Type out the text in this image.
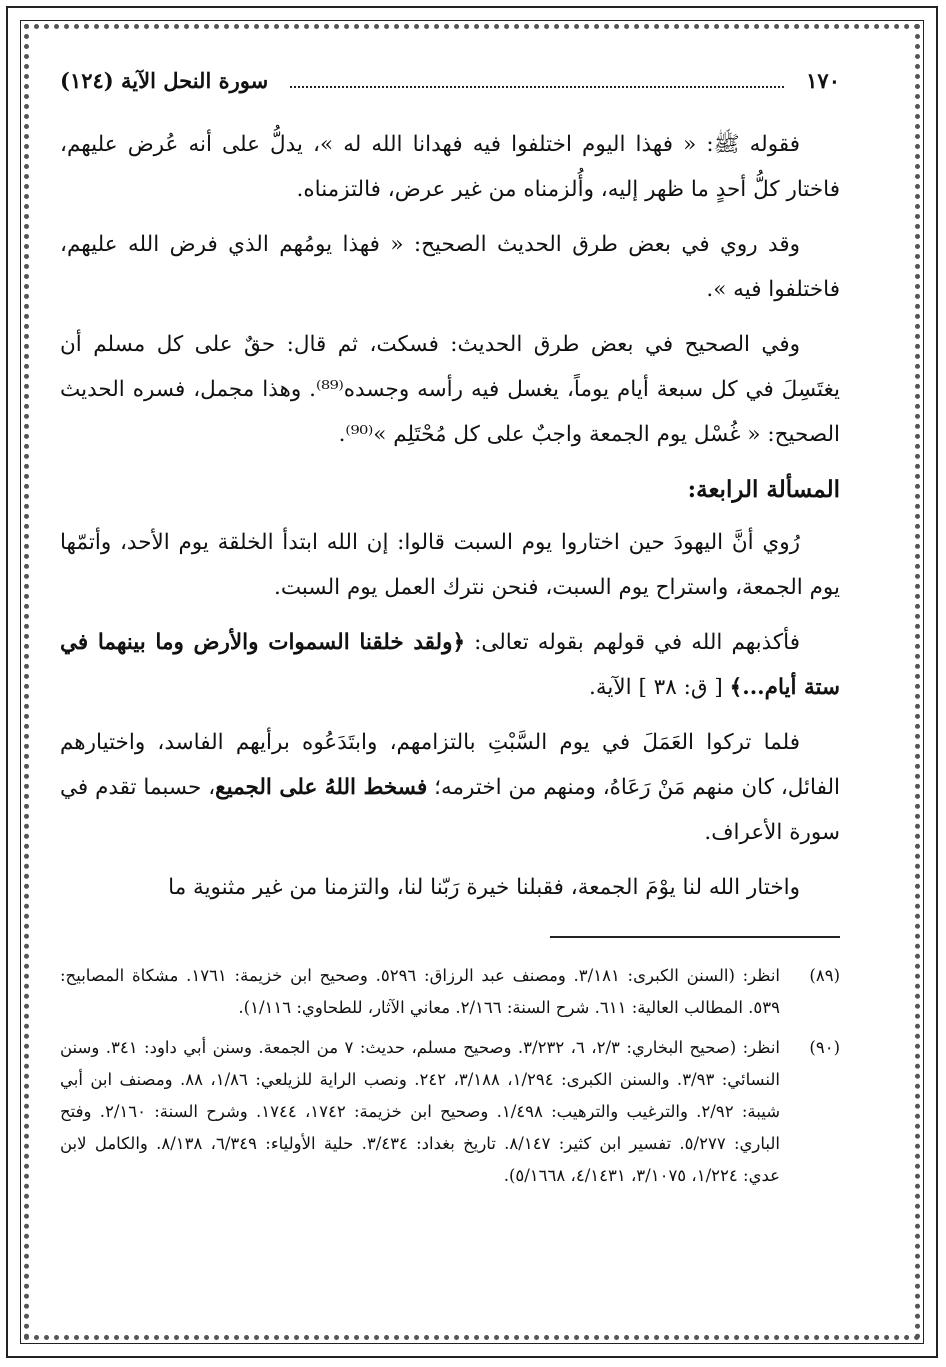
١٧٠
سورة النحل الآية (١٢٤)

فقوله ﷺ: « فهذا اليوم اختلفوا فيه فهدانا الله له »، يدلُّ على أنه عُرض عليهم، فاختار كلُّ أحدٍ ما ظهر إليه، وأُلزمناه من غير عرض، فالتزمناه.

وقد روي في بعض طرق الحديث الصحيح: « فهذا يومُهم الذي فرض الله عليهم، فاختلفوا فيه ».

وفي الصحيح في بعض طرق الحديث: فسكت، ثم قال: حقٌ على كل مسلم أن يغتَسِلَ في كل سبعة أيام يوماً، يغسل فيه رأسه وجسده⁽⁸⁹⁾. وهذا مجمل، فسره الحديث الصحيح: « غُسْل يوم الجمعة واجبٌ على كل مُحْتَلِم »⁽⁹⁰⁾.

المسألة الرابعة:

رُوي أنَّ اليهودَ حين اختاروا يوم السبت قالوا: إن الله ابتدأ الخلقة يوم الأحد، وأتمّها يوم الجمعة، واستراح يوم السبت، فنحن نترك العمل يوم السبت.

فأكذبهم الله في قولهم بقوله تعالى: ﴿ولقد خلقنا السموات والأرض وما بينهما في ستة أيام...﴾ [ ق: ٣٨ ] الآية.

فلما تركوا العَمَلَ في يوم السَّبْتِ بالتزامهم، وابتَدَعُوه برأيهم الفاسد، واختيارهم الفائل، كان منهم مَنْ رَعَاهُ، ومنهم من اخترمه؛ فسخط اللهُ على الجميع، حسبما تقدم في سورة الأعراف.

واختار الله لنا يوْمَ الجمعة، فقبلنا خيرة رَبّنا لنا، والتزمنا من غير مثنوية ما

(٨٩)
انظر: (السنن الكبرى: ٣/١٨١. ومصنف عبد الرزاق: ٥٢٩٦. وصحيح ابن خزيمة: ١٧٦١. مشكاة المصابيح: ٥٣٩. المطالب العالية: ٦١١. شرح السنة: ٢/١٦٦. معاني الآثار، للطحاوي: ١/١١٦).
(٩٠)
انظر: (صحيح البخاري: ٢/٣، ٦، ٣/٢٣٢. وصحيح مسلم، حديث: ٧ من الجمعة. وسنن أبي داود: ٣٤١. وسنن النسائي: ٣/٩٣. والسنن الكبرى: ١/٢٩٤، ٣/١٨٨، ٢٤٢. ونصب الراية للزيلعي: ١/٨٦، ٨٨. ومصنف ابن أبي شيبة: ٢/٩٢. والترغيب والترهيب: ١/٤٩٨. وصحيح ابن خزيمة: ١٧٤٢، ١٧٤٤. وشرح السنة: ٢/١٦٠. وفتح الباري: ٥/٢٧٧. تفسير ابن كثير: ٨/١٤٧. تاريخ بغداد: ٣/٤٣٤. حلية الأولياء: ٦/٣٤٩، ٨/١٣٨. والكامل لابن عدي: ١/٢٢٤، ٣/١٠٧٥، ٤/١٤٣١، ٥/١٦٦٨).
